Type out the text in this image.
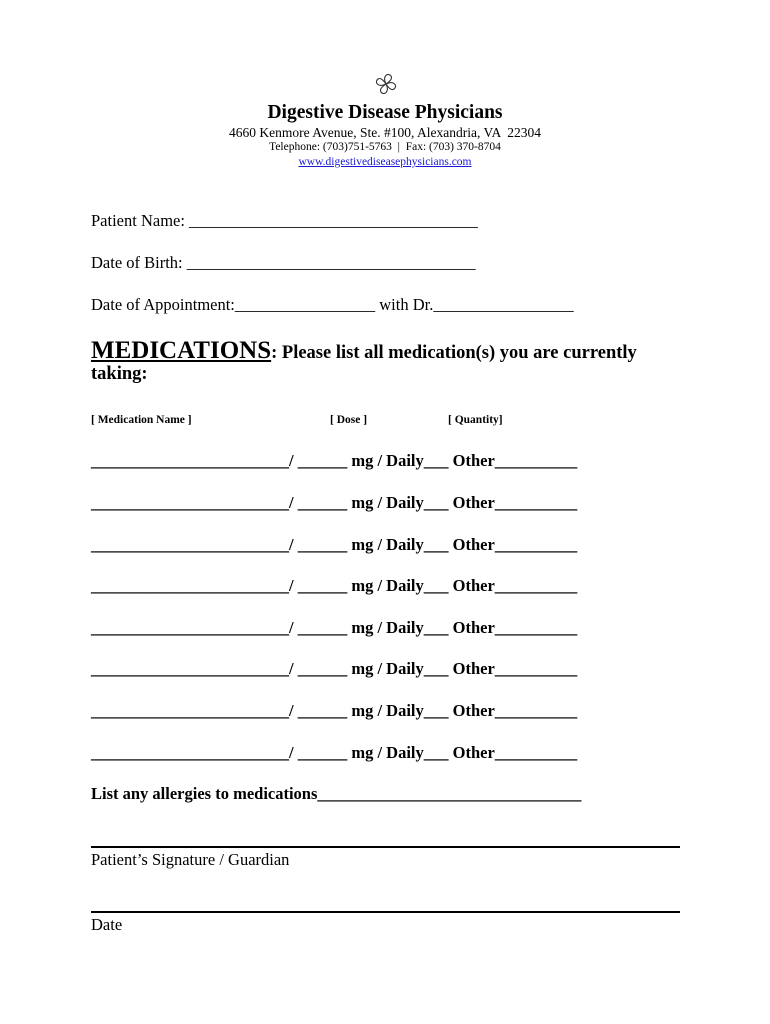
Digestive Disease Physicians
4660 Kenmore Avenue, Ste. #100, Alexandria, VA  22304
Telephone: (703)751-5763  |  Fax: (703) 370-8704
www.digestivediseasephysicians.com
Patient Name: ___________________________________
Date of Birth: ___________________________________
Date of Appointment:_________________ with Dr._________________
MEDICATIONS: Please list all medication(s) you are currently
taking:
[ Medication Name ]	[ Dose ]	[ Quantity]
________________________/ ______ mg / Daily___ Other__________
________________________/ ______ mg / Daily___ Other__________
________________________/ ______ mg / Daily___ Other__________
________________________/ ______ mg / Daily___ Other__________
________________________/ ______ mg / Daily___ Other__________
________________________/ ______ mg / Daily___ Other__________
________________________/ ______ mg / Daily___ Other__________
________________________/ ______ mg / Daily___ Other__________
List any allergies to medications________________________________
Patient’s Signature / Guardian
Date
